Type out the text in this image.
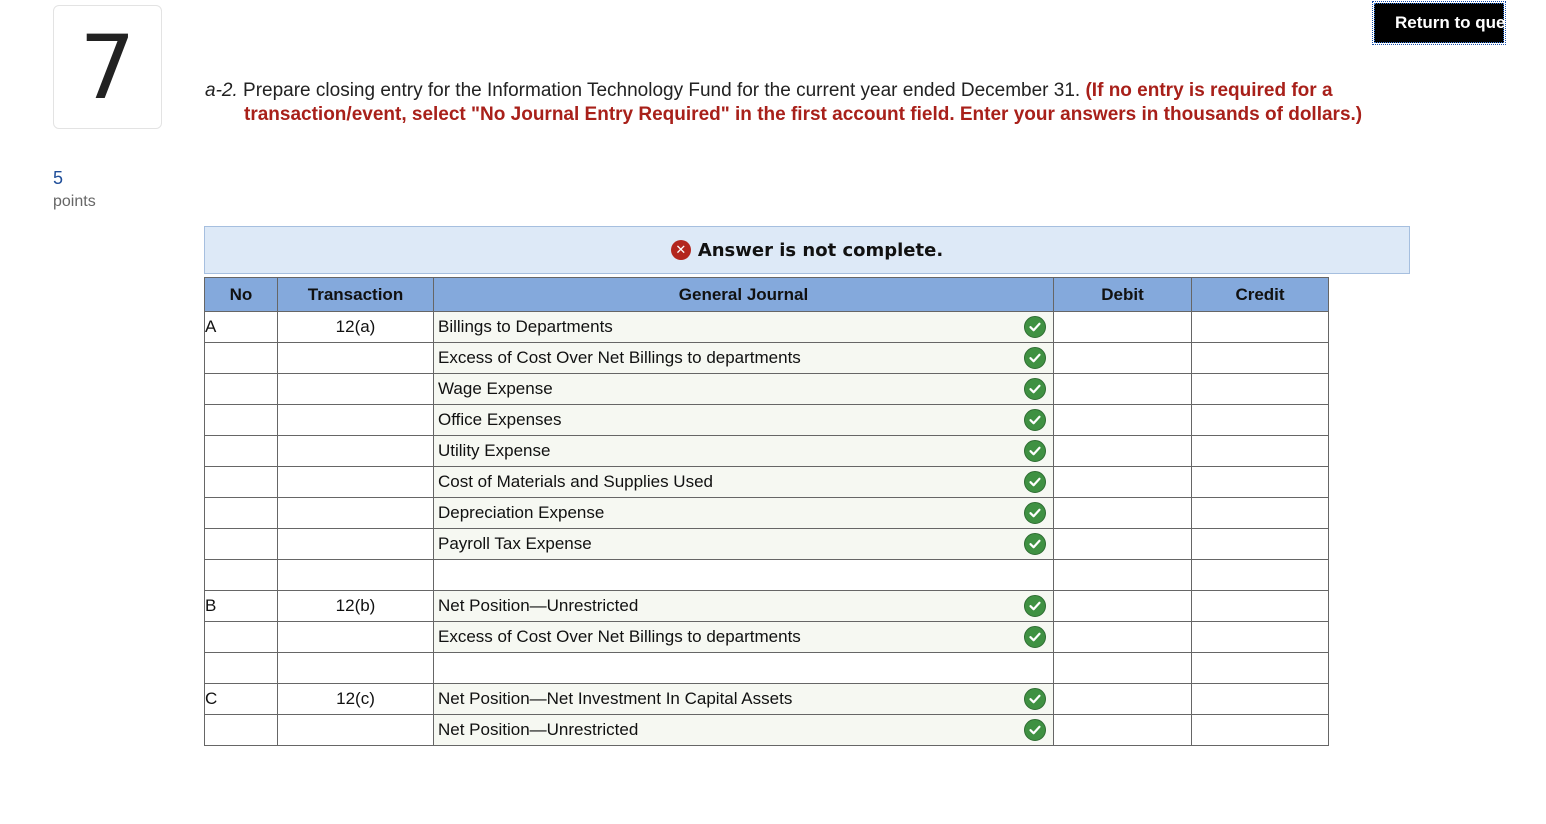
7
5
points
Return to question
a-2. Prepare closing entry for the Information Technology Fund for the current year ended December 31. (If no entry is required for a
transaction/event, select "No Journal Entry Required" in the first account field. Enter your answers in thousands of dollars.)
✕ Answer is not complete.
No	Transaction	General Journal	Debit	Credit
A	12(a)	Billings to Departments

		Excess of Cost Over Net Billings to departments

		Wage Expense

		Office Expenses

		Utility Expense

		Cost of Materials and Supplies Used

		Depreciation Expense

		Payroll Tax Expense

B	12(b)	Net Position—Unrestricted

		Excess of Cost Over Net Billings to departments

C	12(c)	Net Position—Net Investment In Capital Assets

		Net Position—Unrestricted
